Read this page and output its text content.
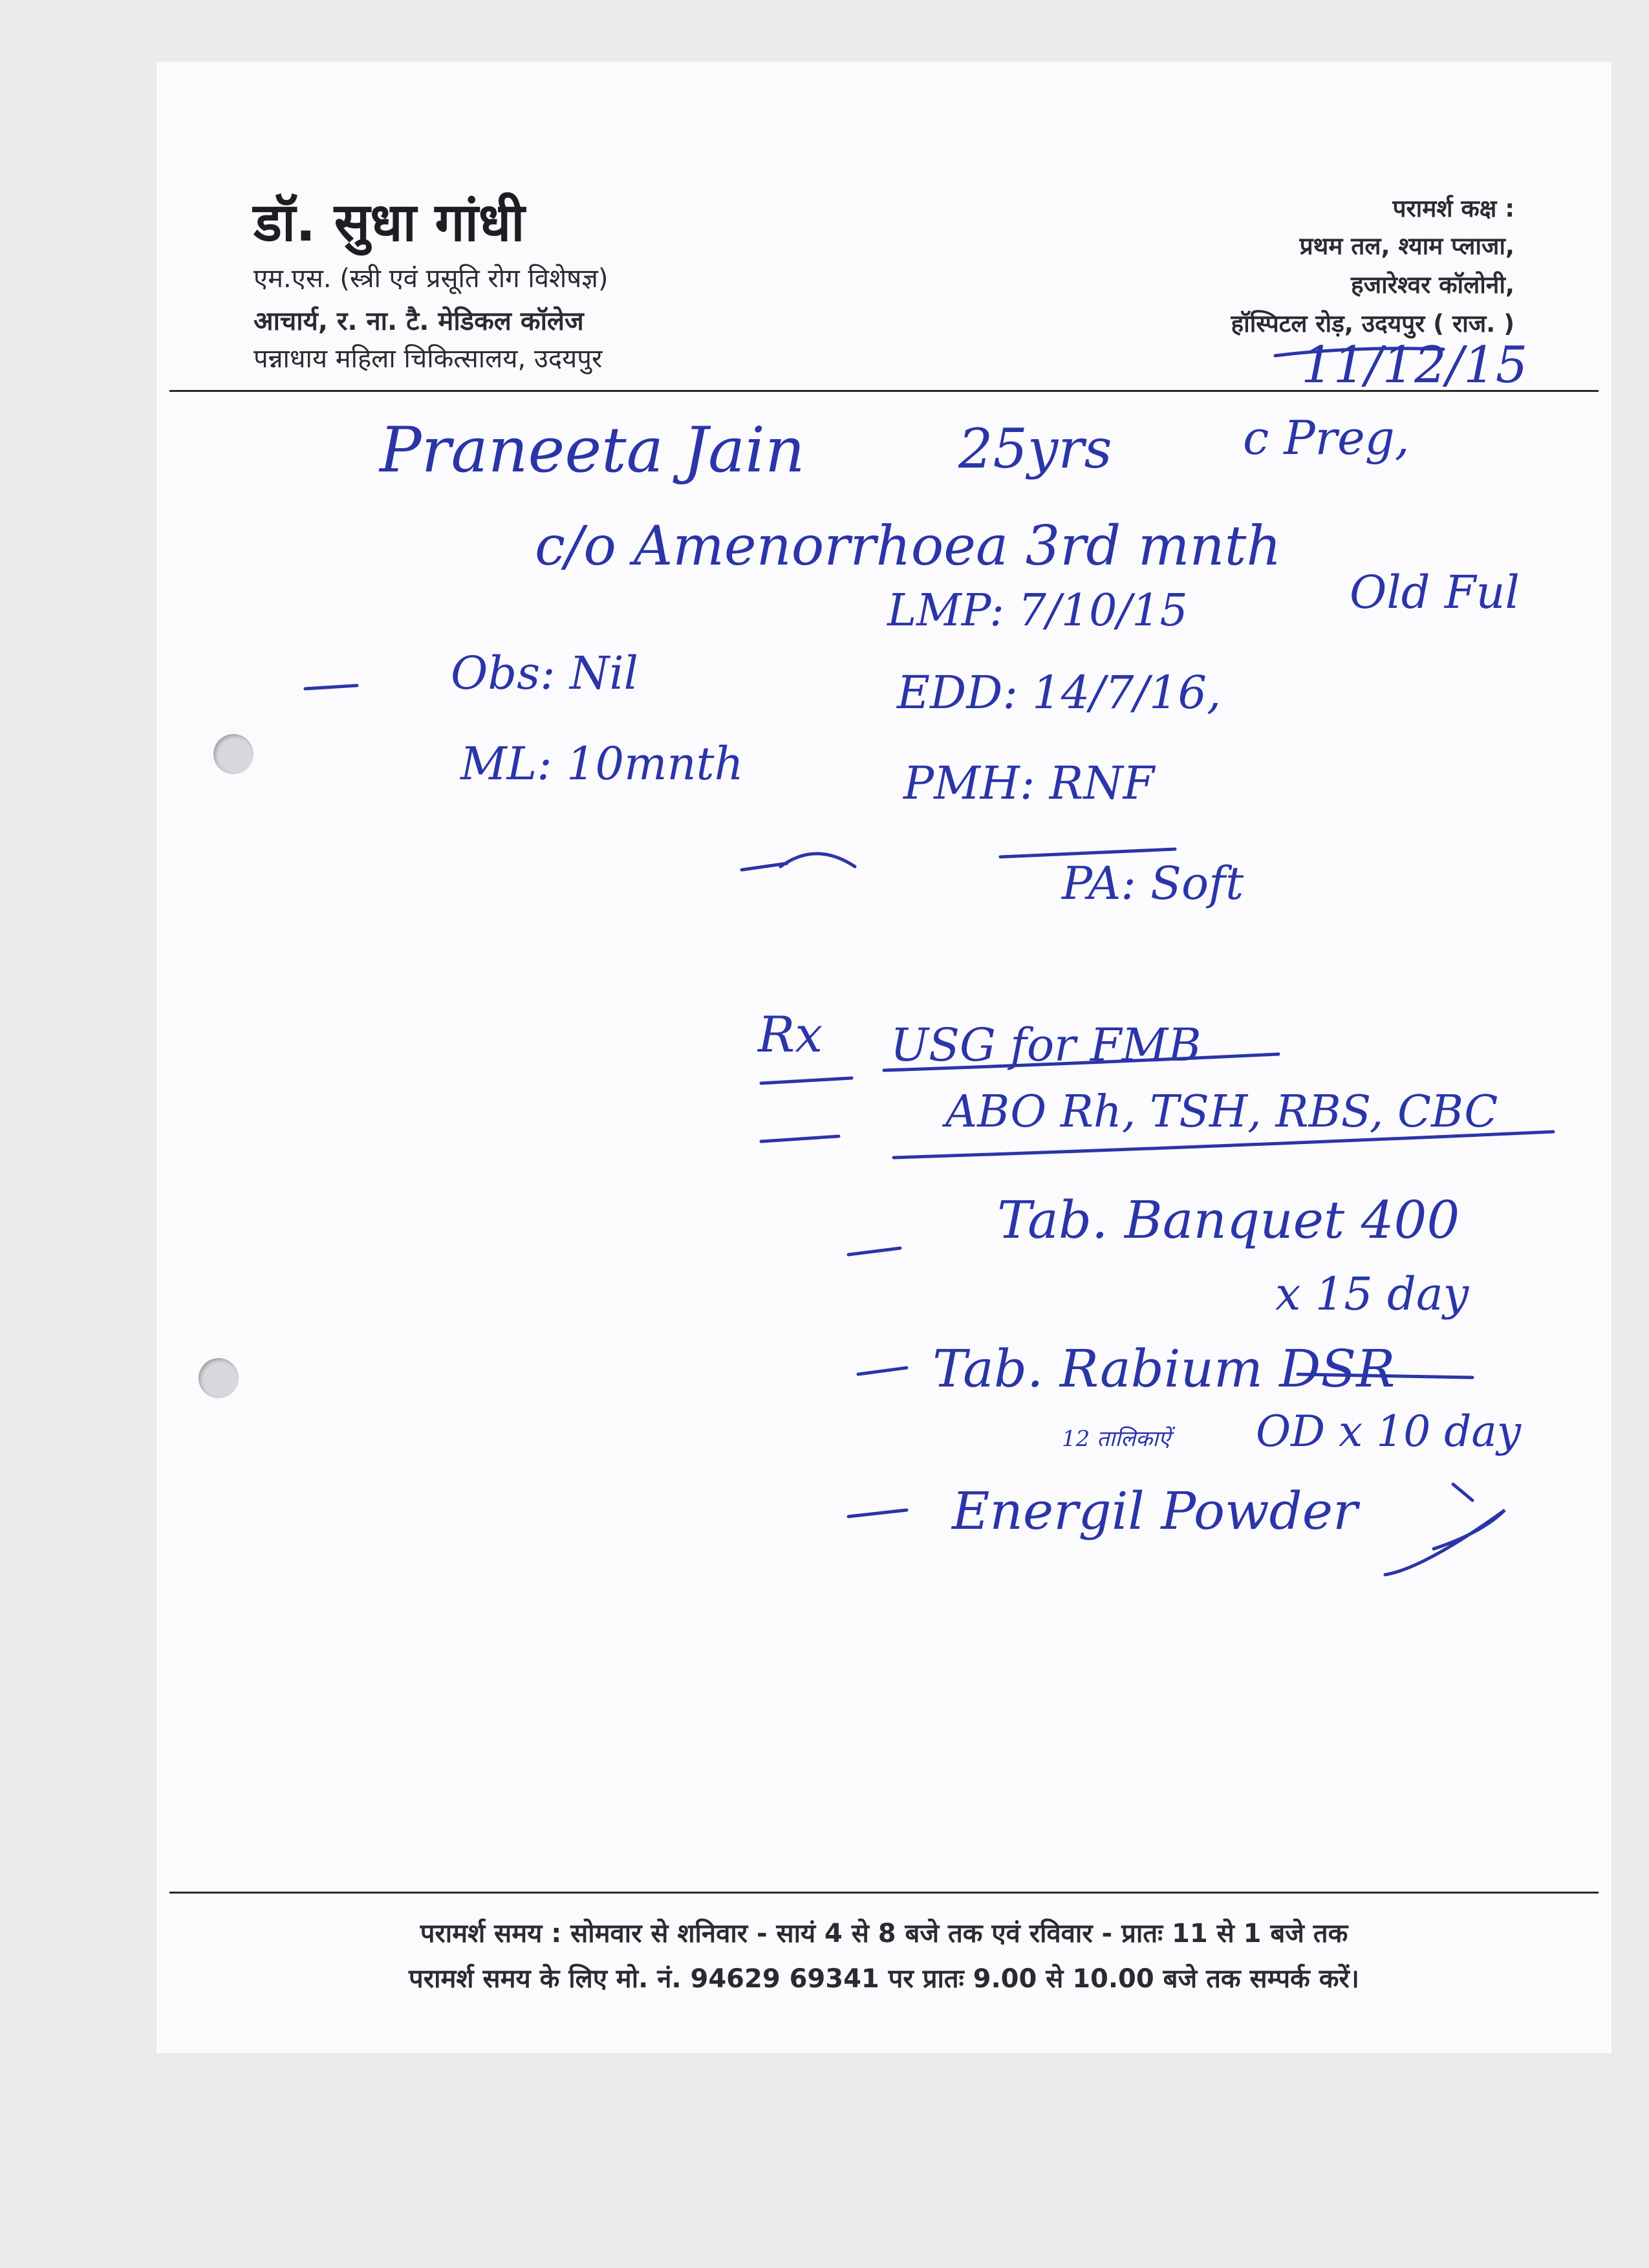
डॉ. सुधा गांधी
एम.एस. (स्त्री एवं प्रसूति रोग विशेषज्ञ)
आचार्य, र. ना. टै. मेडिकल कॉलेज
पन्नाधाय महिला चिकित्सालय, उदयपुर
परामर्श कक्ष :
प्रथम तल, श्याम प्लाजा,
हजारेश्वर कॉलोनी,
हॉस्पिटल रोड़, उदयपुर ( राज. )
11/12/15
Praneeta Jain	25yrs	c Preg,
c/o Amenorrhoea 3rd mnth
LMP: 7/10/15	Old Ful
Obs: Nil	EDD: 14/7/16,
ML: 10mnth	PMH: RNF
PA: Soft
Rx USG for FMB
ABO Rh, TSH, RBS, CBC
Tab. Banquet 400
x 15 day
Tab. Rabium DSR
OD x 10 day
Energil Powder
12 तालिकाऐं
परामर्श समय : सोमवार से शनिवार - सायं 4 से 8 बजे तक एवं रविवार - प्रातः 11 से 1 बजे तक
परामर्श समय के लिए मो. नं. 94629 69341 पर प्रातः 9.00 से 10.00 बजे तक सम्पर्क करें।
